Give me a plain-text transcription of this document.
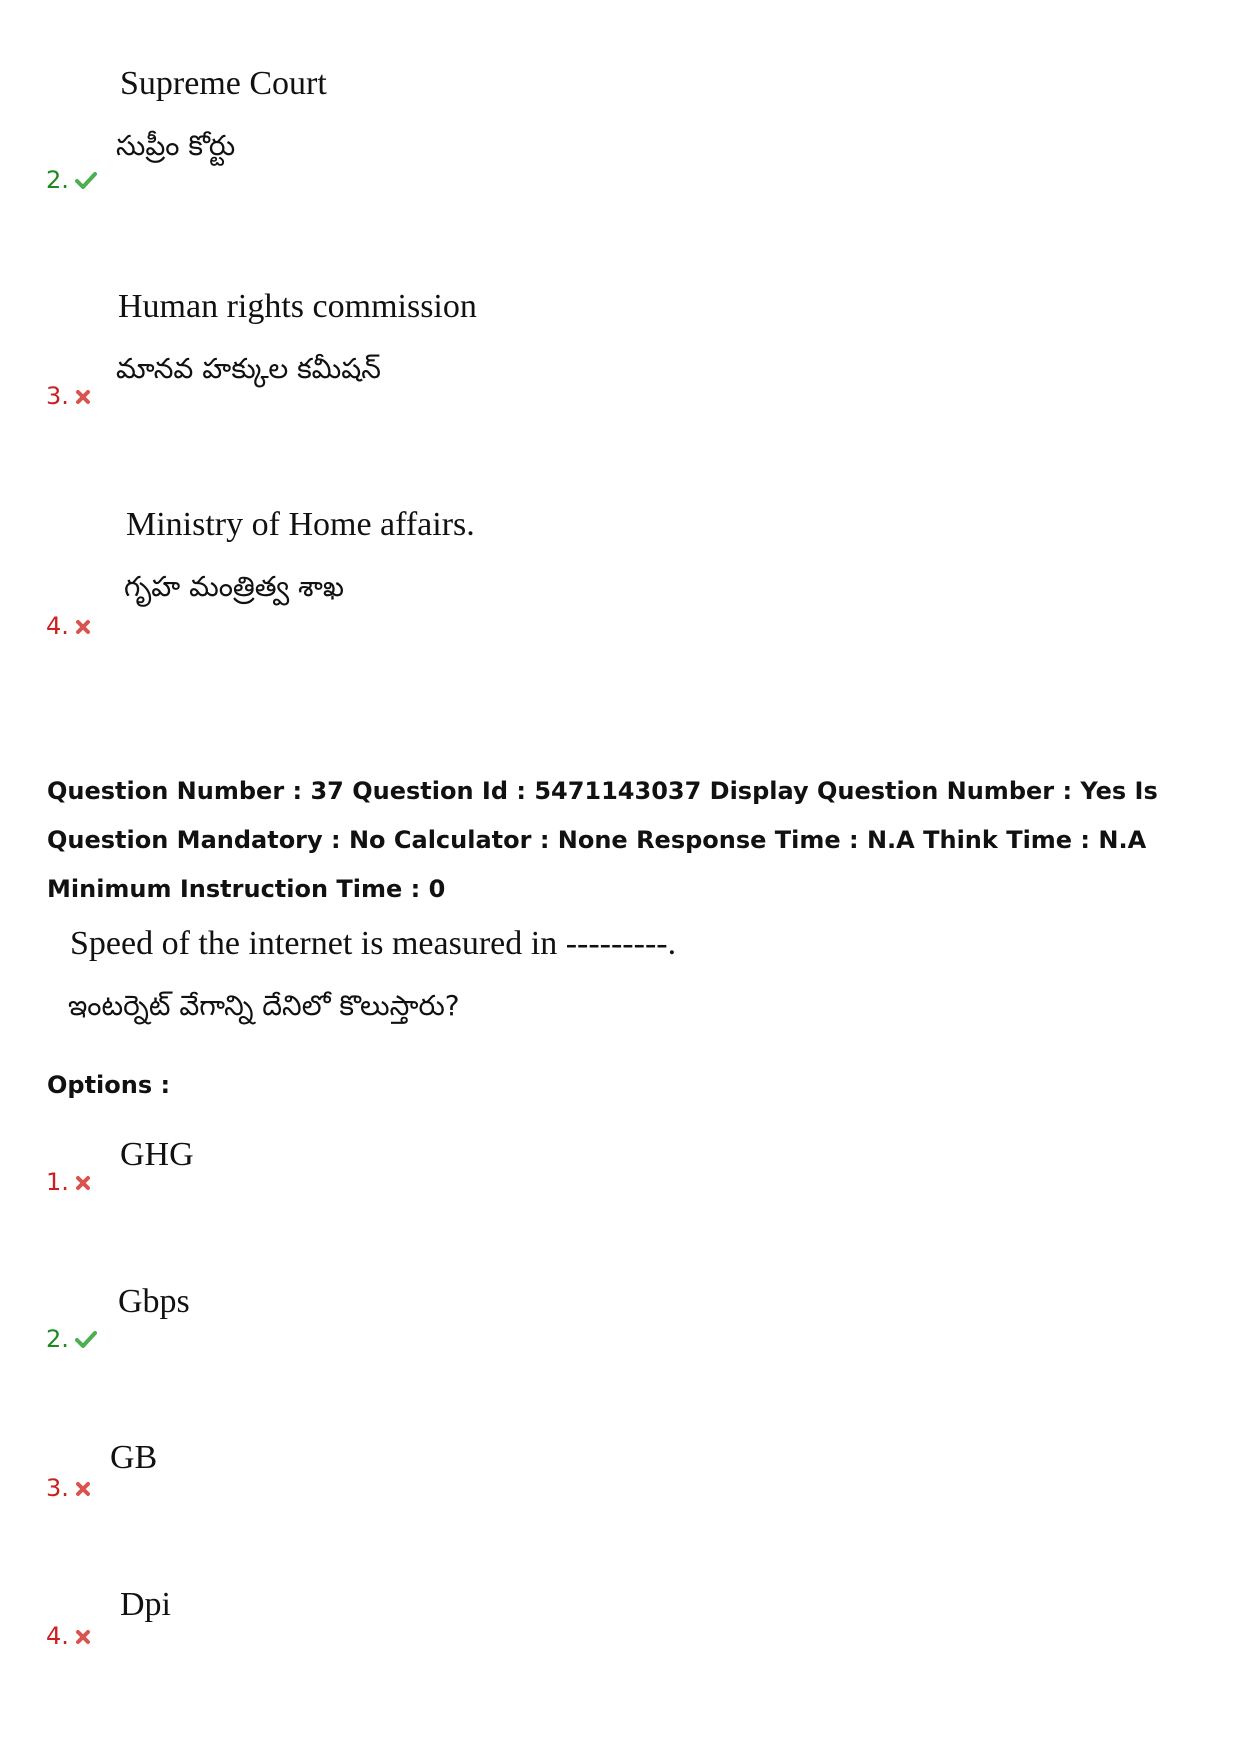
Supreme Court
సుప్రీం కోర్టు
2.
Human rights commission
మానవ హక్కుల కమీషన్
3.
Ministry of Home affairs.
గృహ మంత్రిత్వ శాఖ
4.
Question Number : 37 Question Id : 5471143037 Display Question Number : Yes Is Question Mandatory : No Calculator : None Response Time : N.A Think Time : N.A Minimum Instruction Time : 0
Speed of the internet is measured in ---------.
ఇంటర్నెట్ వేగాన్ని దేనిలో కొలుస్తారు?
Options :
GHG
1.
Gbps
2.
GB
3.
Dpi
4.
